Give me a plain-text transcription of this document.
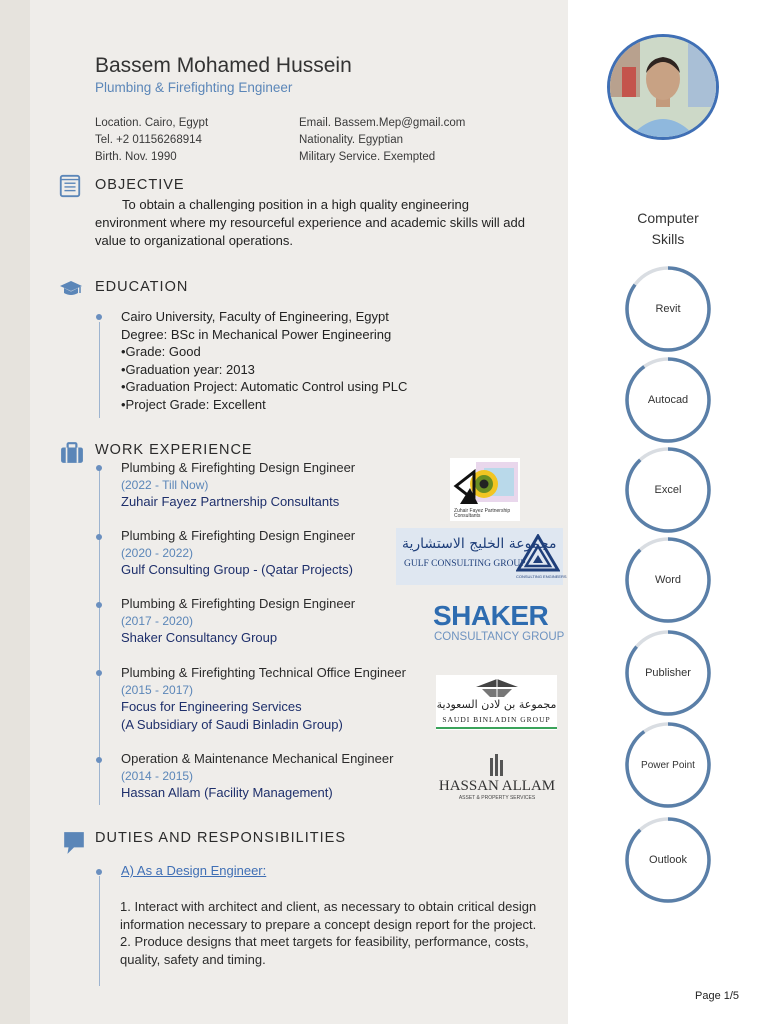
Bassem Mohamed Hussein
Plumbing & Firefighting Engineer
Location. Cairo, Egypt
Tel. +2 01156268914
Birth. Nov. 1990
Email. Bassem.Mep@gmail.com
Nationality. Egyptian
Military Service. Exempted
OBJECTIVE
To obtain a challenging position in a high quality engineering environment where my resourceful experience and academic skills will add value to organizational operations.
EDUCATION
Cairo University, Faculty of Engineering, Egypt
Degree: BSc in Mechanical Power Engineering
•Grade: Good
•Graduation year: 2013
•Graduation Project: Automatic Control using PLC
•Project Grade: Excellent
WORK EXPERIENCE
Plumbing & Firefighting Design Engineer
(2022 - Till Now)
Zuhair Fayez Partnership Consultants
Plumbing & Firefighting Design Engineer
(2020 - 2022)
Gulf Consulting Group - (Qatar Projects)
Plumbing & Firefighting Design Engineer
(2017 - 2020)
Shaker Consultancy Group
Plumbing & Firefighting Technical Office Engineer
(2015 - 2017)
Focus for Engineering Services
(A Subsidiary of Saudi Binladin Group)
Operation & Maintenance Mechanical Engineer
(2014 - 2015)
Hassan Allam (Facility Management)
Zuhair Fayez Partnership Consultants
مجموعة الخليج الاستشارية
GULF CONSULTING GROUP
CONSULTING ENGINEERS
SHAKER
CONSULTANCY GROUP
مجموعة بن لادن السعودية
SAUDI BINLADIN GROUP
HASSAN ALLAM
ASSET & PROPERTY SERVICES
DUTIES AND RESPONSIBILITIES
A) As a Design Engineer:
1. Interact with architect and client, as necessary to obtain critical design information necessary to prepare a concept design report for the project.
2. Produce designs that meet targets for feasibility, performance, costs, quality, safety and timing.
Computer
Skills
Revit
Autocad
Excel
Word
Publisher
Power Point
Outlook
Page 1/5
